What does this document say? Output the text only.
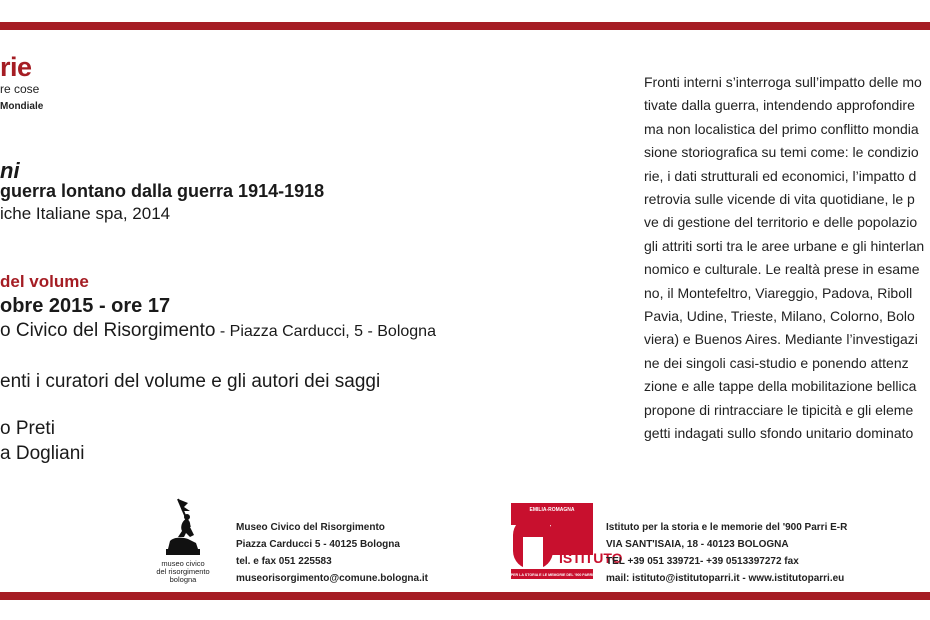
rie
re cose
Mondiale
ni
guerra lontano dalla guerra 1914-1918
iche Italiane spa, 2014
del volume
obre 2015 - ore 17
o Civico del Risorgimento - Piazza Carducci, 5 - Bologna
enti i curatori del volume e gli autori dei saggi
o Preti
a Dogliani
Fronti interni s’interroga sull’impatto delle mo
tivate dalla guerra, intendendo approfondire
ma non localistica del primo conflitto mondia
sione storiografica su temi come: le condizio
rie, i dati strutturali ed economici, l’impatto d
retrovia sulle vicende di vita quotidiane, le p
ve di gestione del territorio e delle popolazio
gli attriti sorti tra le aree urbane e gli hinterlan
nomico e culturale. Le realtà prese in esame
no, il Montefeltro, Viareggio, Padova, Riboll
Pavia, Udine, Trieste, Milano, Colorno, Bolo
viera) e Buenos Aires. Mediante l’investigazi
ne dei singoli casi-studio e ponendo attenz
zione e alle tappe della mobilitazione bellica
propone di rintracciare le tipicità e gli eleme
getti indagati sullo sfondo unitario dominato
museo civico
del risorgimento
bologna
Museo Civico del Risorgimento
Piazza Carducci 5 - 40125 Bologna
tel. e fax 051 225583
museorisorgimento@comune.bologna.it
EMILIA-ROMAGNA
ISTITUTO
PER LA STORIA E LE MEMORIE DEL '900 PARRI
Istituto per la storia e le memorie del '900 Parri E-R
VIA SANT'ISAIA, 18 - 40123 BOLOGNA
TEL +39 051 339721- +39 0513397272 fax
mail: istituto@istitutoparri.it - www.istitutoparri.eu
